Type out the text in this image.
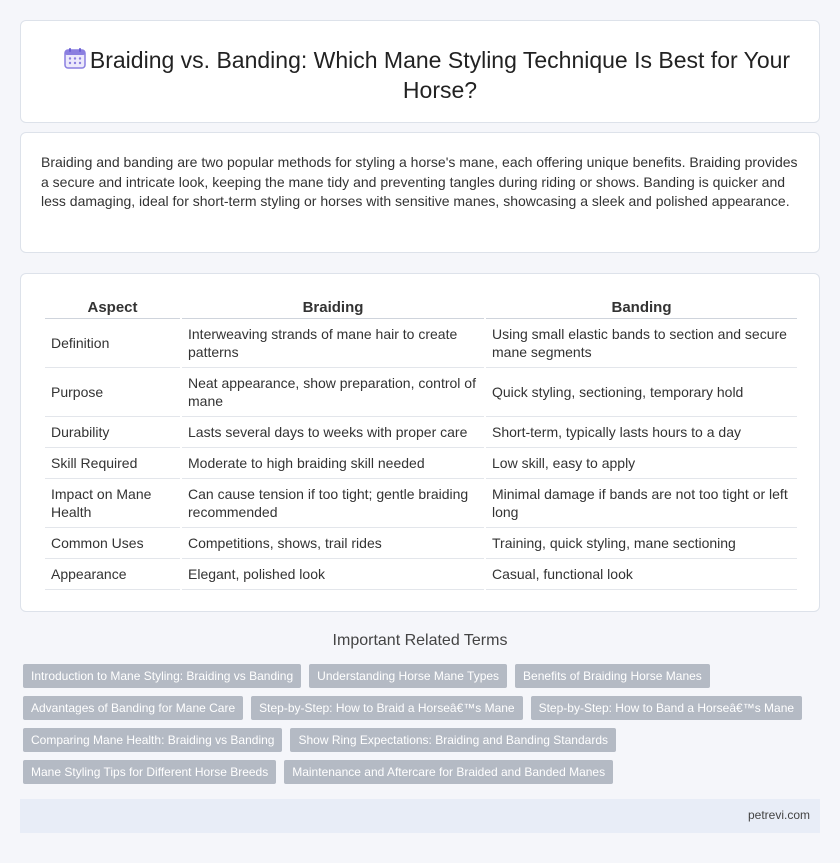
Braiding vs. Banding: Which Mane Styling Technique Is Best for Your Horse?

Braiding and banding are two popular methods for styling a horse's mane, each offering unique benefits. Braiding provides a secure and intricate look, keeping the mane tidy and preventing tangles during riding or shows. Banding is quicker and less damaging, ideal for short-term styling or horses with sensitive manes, showcasing a sleek and polished appearance.

Aspect	Braiding	Banding
Definition	Interweaving strands of mane hair to create patterns	Using small elastic bands to section and secure mane segments
Purpose	Neat appearance, show preparation, control of mane	Quick styling, sectioning, temporary hold
Durability	Lasts several days to weeks with proper care	Short-term, typically lasts hours to a day
Skill Required	Moderate to high braiding skill needed	Low skill, easy to apply
Impact on Mane Health	Can cause tension if too tight; gentle braiding recommended	Minimal damage if bands are not too tight or left long
Common Uses	Competitions, shows, trail rides	Training, quick styling, mane sectioning
Appearance	Elegant, polished look	Casual, functional look
Important Related Terms
Introduction to Mane Styling: Braiding vs Banding	Understanding Horse Mane Types	Benefits of Braiding Horse Manes
Advantages of Banding for Mane Care	Step-by-Step: How to Braid a Horseâ€™s Mane	Step-by-Step: How to Band a Horseâ€™s Mane
Comparing Mane Health: Braiding vs Banding	Show Ring Expectations: Braiding and Banding Standards
Mane Styling Tips for Different Horse Breeds	Maintenance and Aftercare for Braided and Banded Manes
petrevi.com
